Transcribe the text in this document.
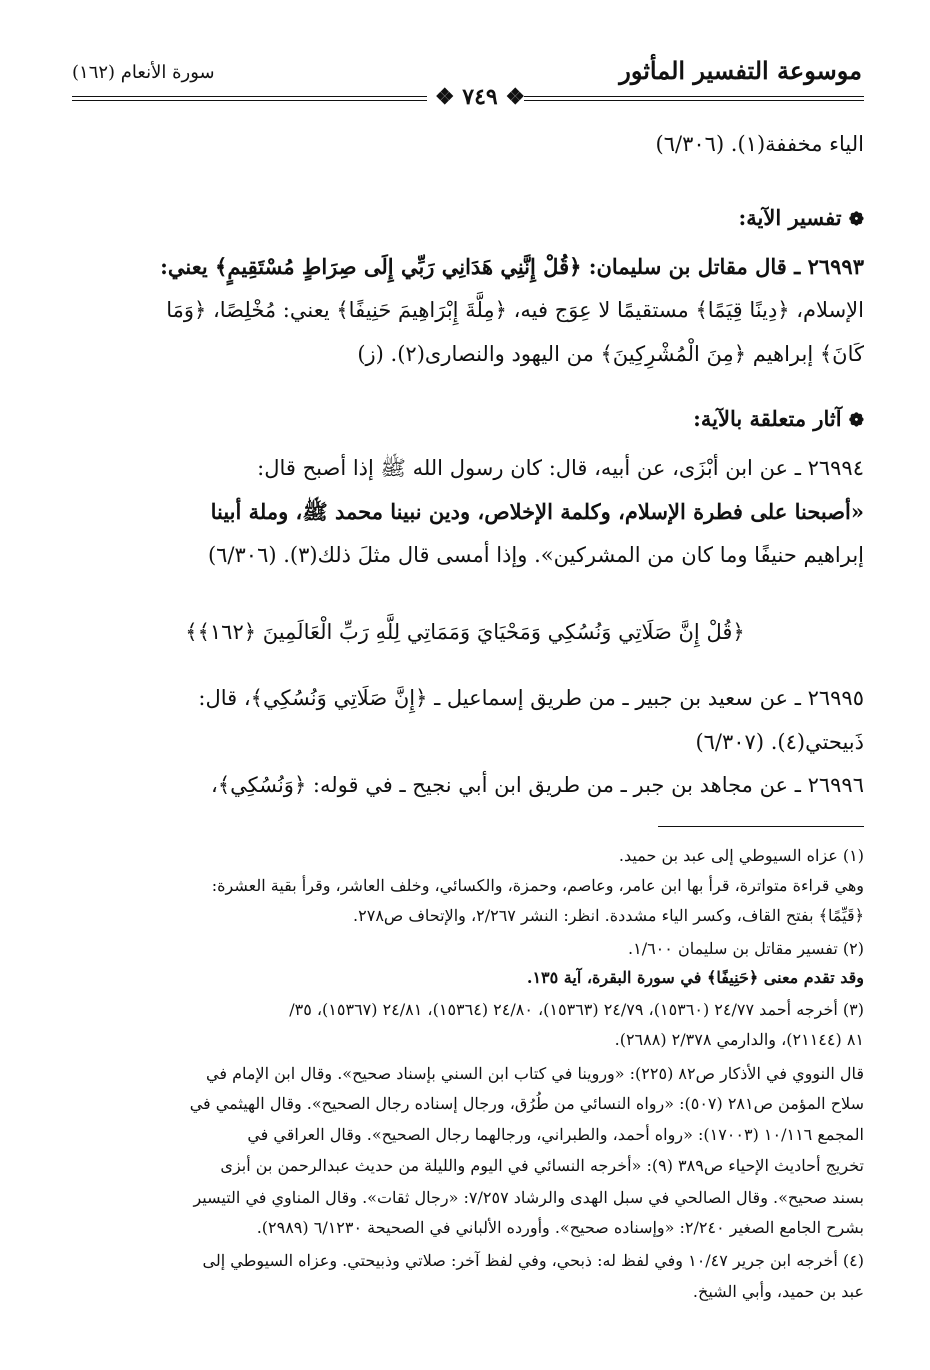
موسوعة التفسير المأثور
سورة الأنعام (١٦٢)
❖ ٧٤٩ ❖
الياء مخففة(١). (٦/٣٠٦)
❁ تفسير الآية:
٢٦٩٩٣ ـ قال مقاتل بن سليمان: ﴿قُلْ إِنَّنِي هَدَانِي رَبِّي إِلَى صِرَاطٍ مُسْتَقِيمٍ﴾ يعني:
الإسلام، ﴿دِينًا قِيَمًا﴾ مستقيمًا لا عِوَج فيه، ﴿مِلَّةَ إِبْرَاهِيمَ حَنِيفًا﴾ يعني: مُخْلِصًا، ﴿وَمَا
كَانَ﴾ إبراهيم ﴿مِنَ الْمُشْرِكِينَ﴾ من اليهود والنصارى(٢). (ز)
❁ آثار متعلقة بالآية:
٢٦٩٩٤ ـ عن ابن أبْزَى، عن أبيه، قال: كان رسول الله ﷺ إذا أصبح قال:
«أصبحنا على فطرة الإسلام، وكلمة الإخلاص، ودين نبينا محمد ﷺ، وملة أبينا
إبراهيم حنيفًا وما كان من المشركين». وإذا أمسى قال مثلَ ذلك(٣). (٦/٣٠٦)
﴿قُلْ إِنَّ صَلَاتِي وَنُسُكِي وَمَحْيَايَ وَمَمَاتِي لِلَّهِ رَبِّ الْعَالَمِينَ ﴿١٦٢﴾﴾
٢٦٩٩٥ ـ عن سعيد بن جبير ـ من طريق إسماعيل ـ ﴿إِنَّ صَلَاتِي وَنُسُكِي﴾، قال:
ذَبيحتي(٤). (٦/٣٠٧)
٢٦٩٩٦ ـ عن مجاهد بن جبر ـ من طريق ابن أبي نجيح ـ في قوله: ﴿وَنُسُكِي﴾،
(١) عزاه السيوطي إلى عبد بن حميد.
وهي قراءة متواترة، قرأ بها ابن عامر، وعاصم، وحمزة، والكسائي، وخلف العاشر، وقرأ بقية العشرة:
﴿قَيِّمًا﴾ بفتح القاف، وكسر الياء مشددة. انظر: النشر ٢/٢٦٧، والإتحاف ص٢٧٨.
(٢) تفسير مقاتل بن سليمان ١/٦٠٠.
وقد تقدم معنى ﴿حَنِيفًا﴾ في سورة البقرة، آية ١٣٥.
(٣) أخرجه أحمد ٢٤/٧٧ (١٥٣٦٠)، ٢٤/٧٩ (١٥٣٦٣)، ٢٤/٨٠ (١٥٣٦٤)، ٢٤/٨١ (١٥٣٦٧)، ٣٥/
٨١ (٢١١٤٤)، والدارمي ٢/٣٧٨ (٢٦٨٨).
قال النووي في الأذكار ص٨٢ (٢٢٥): «وروينا في كتاب ابن السني بإسناد صحيح». وقال ابن الإمام في
سلاح المؤمن ص٢٨١ (٥٠٧): «رواه النسائي من طُرُق، ورجال إسناده رجال الصحيح». وقال الهيثمي في
المجمع ١٠/١١٦ (١٧٠٠٣): «رواه أحمد، والطبراني، ورجالهما رجال الصحيح». وقال العراقي في
تخريج أحاديث الإحياء ص٣٨٩ (٩): «أخرجه النسائي في اليوم والليلة من حديث عبدالرحمن بن أبزى
بسند صحيح». وقال الصالحي في سبل الهدى والرشاد ٧/٢٥٧: «رجال ثقات». وقال المناوي في التيسير
بشرح الجامع الصغير ٢/٢٤٠: «وإسناده صحيح». وأورده الألباني في الصحيحة ٦/١٢٣٠ (٢٩٨٩).
(٤) أخرجه ابن جرير ١٠/٤٧ وفي لفظ له: ذبحي، وفي لفظ آخر: صلاتي وذبيحتي. وعزاه السيوطي إلى
عبد بن حميد، وأبي الشيخ.
